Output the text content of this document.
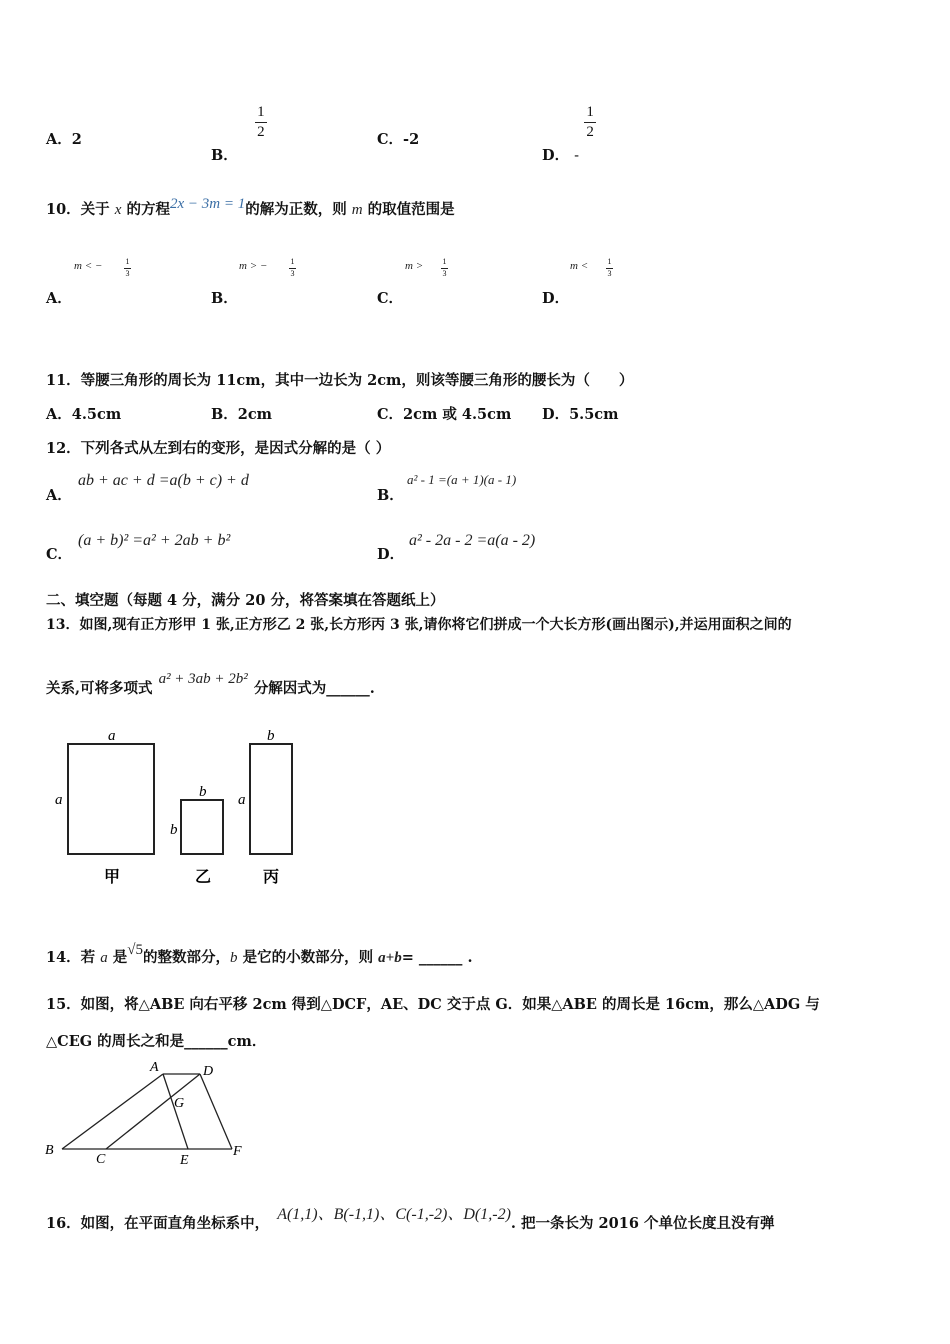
A．2
B． $\frac{1}{2}$	C．-2
D． - $\frac{1}{2}$
10．关于 x 的方程2x − 3m = 1的解为正数，则 m 的取值范围是
m < −	1
3
A．
m > −	1
3
B．
m > 1
3
C．
m < 1
3
D．
11．等腰三角形的周长为 11cm，其中一边长为 2cm，则该等腰三角形的腰长为（　　）
A．4.5cm	B．2cm	C．2cm 或 4.5cm D．5.5cm
12．下列各式从左到右的变形，是因式分解的是（ ）
ab + ac + d =a(b + c) + d
A．
a² - 1 =(a + 1)(a - 1)
B．
(a + b)² =a² + 2ab + b²
C．
a² - 2a - 2 =a(a - 2)
D．
二、填空题（每题 4 分，满分 20 分，将答案填在答题纸上）
13．如图,现有正方形甲 1 张,正方形乙 2 张,长方形丙 3 张,请你将它们拼成一个大长方形(画出图示),并运用面积之间的
关系,可将多项式a² + 3ab + 2b²分解因式为______.
a
b
b
a
b
a
甲	乙	丙
14．若 a 是√5的整数部分，b 是它的小数部分，则 a+b= ______ .
15．如图，将△ABE 向右平移 2cm 得到△DCF，AE、DC 交于点 G．如果△ABE 的周长是 16cm，那么△ADG 与
△CEG 的周长之和是______cm．
A	D
G
B
C	E
F
16．如图，在平面直角坐标系中，A(1,1)、B(-1,1)、C(-1,-2)、D(1,-2). 把一条长为 2016 个单位长度且没有弹
